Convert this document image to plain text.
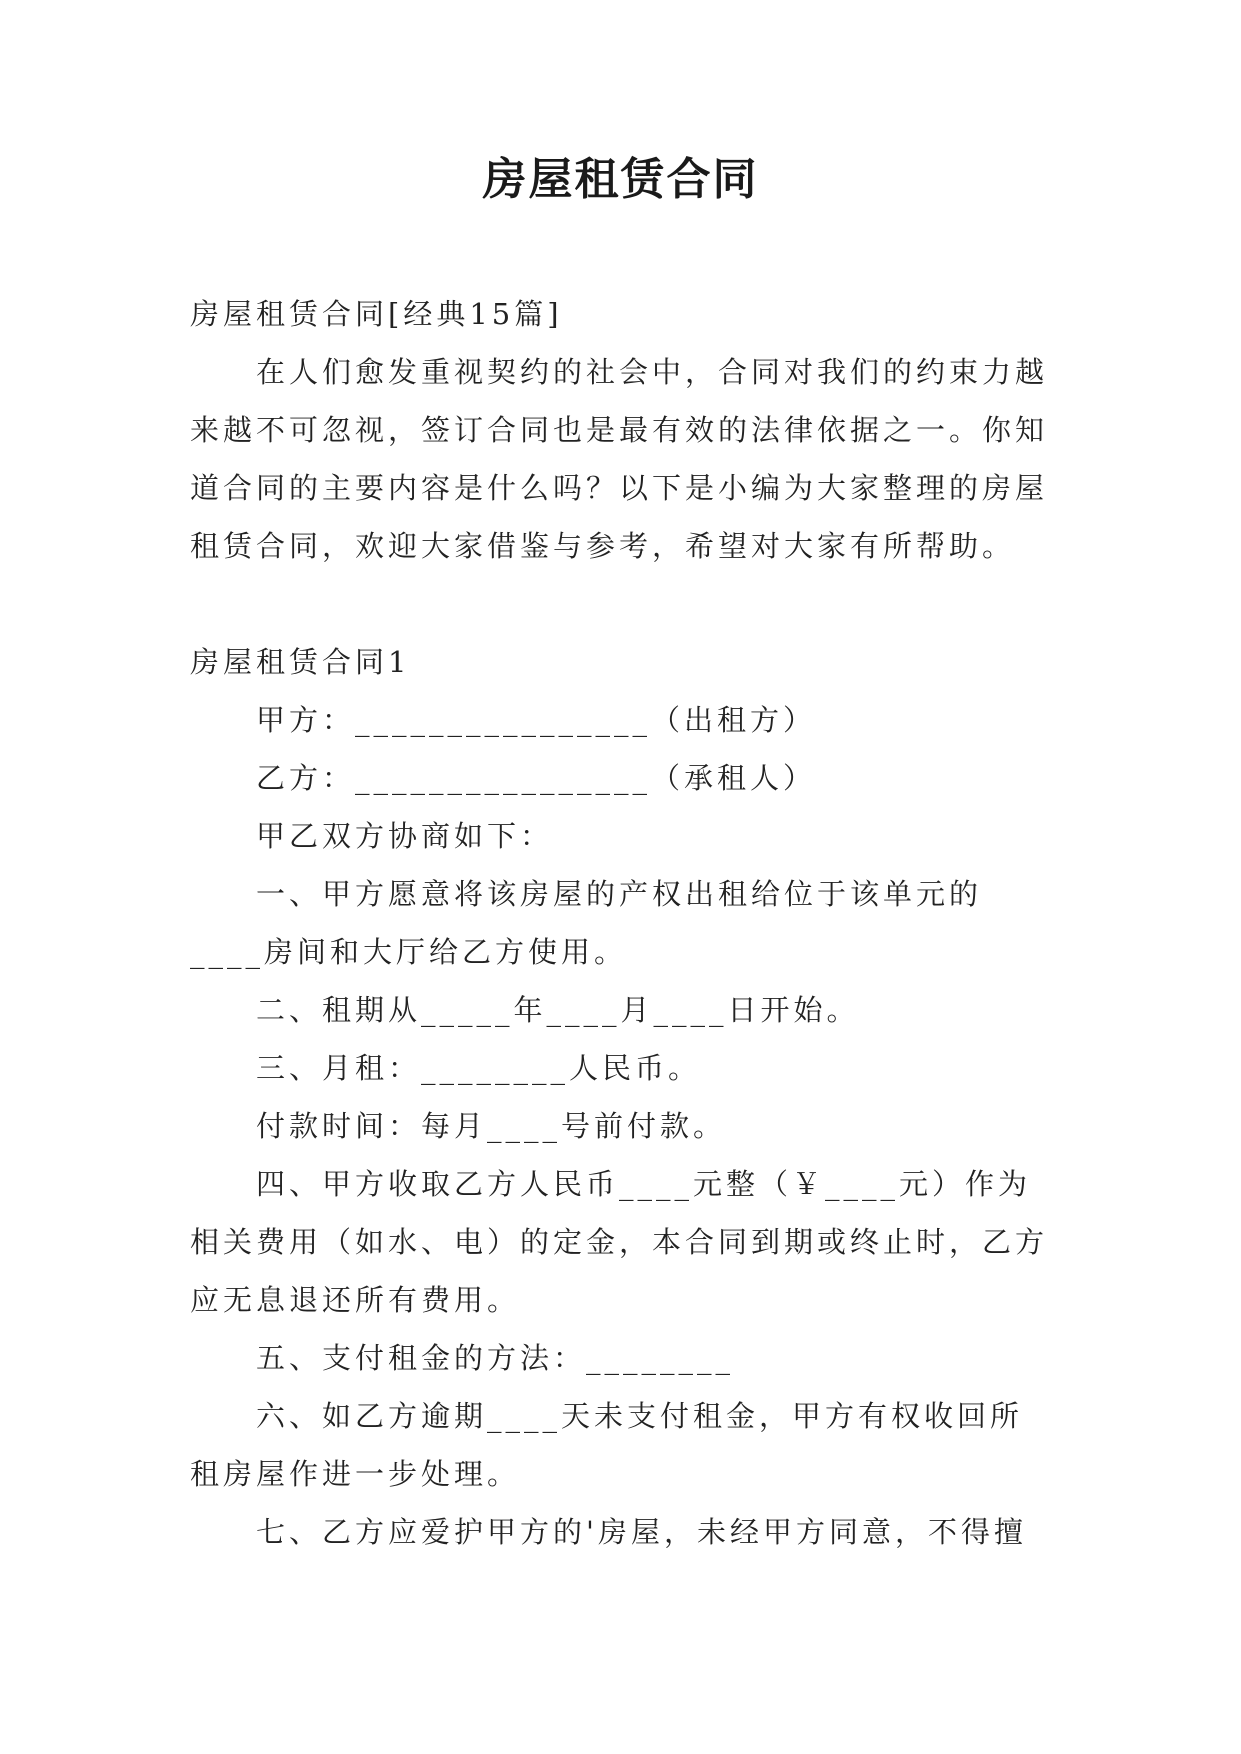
房屋租赁合同

房屋租赁合同[经典15篇]

在人们愈发重视契约的社会中，合同对我们的约束力越来越不可忽视，签订合同也是最有效的法律依据之一。你知道合同的主要内容是什么吗？以下是小编为大家整理的房屋租赁合同，欢迎大家借鉴与参考，希望对大家有所帮助。

房屋租赁合同1

甲方：________________（出租方）

乙方：________________（承租人）

甲乙双方协商如下：

一、甲方愿意将该房屋的产权出租给位于该单元的____房间和大厅给乙方使用。

二、租期从_____年____月____日开始。

三、月租：________人民币。

付款时间：每月____号前付款。

四、甲方收取乙方人民币____元整（￥____元）作为相关费用（如水、电）的定金，本合同到期或终止时，乙方应无息退还所有费用。

五、支付租金的方法：________

六、如乙方逾期____天未支付租金，甲方有权收回所租房屋作进一步处理。

七、乙方应爱护甲方的'房屋，未经甲方同意，不得擅
